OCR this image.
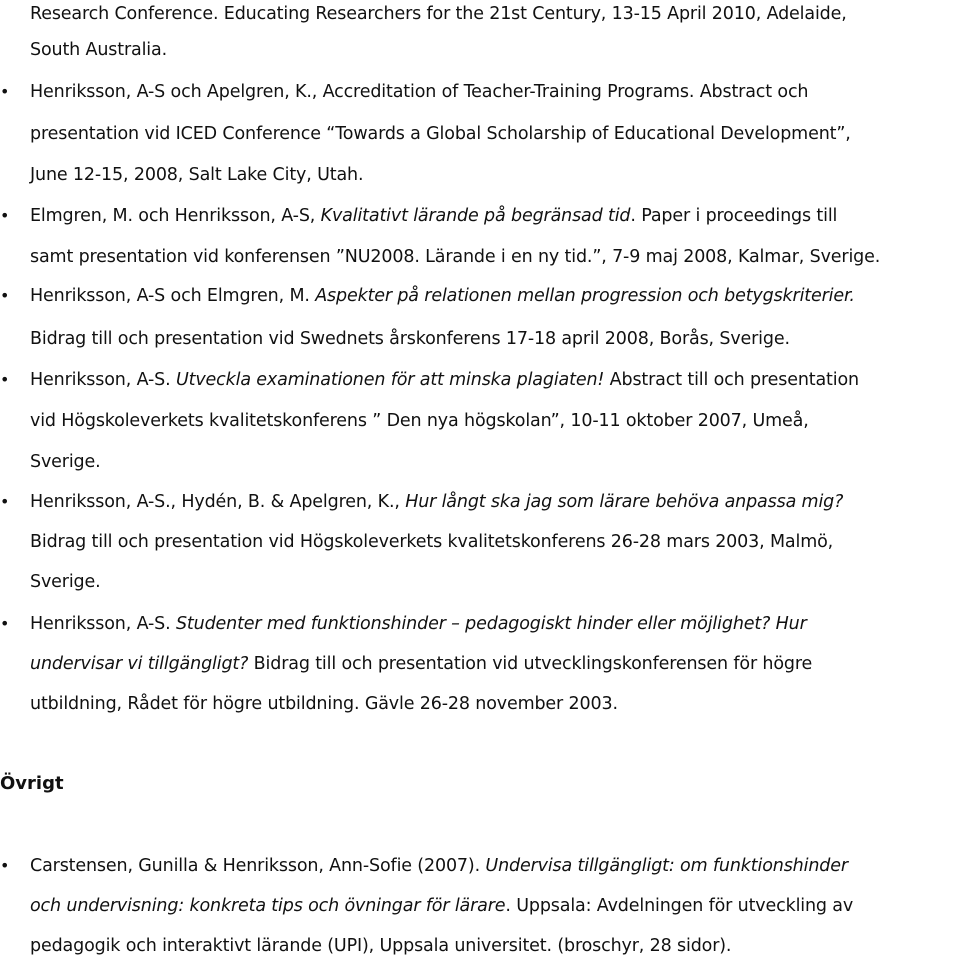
Research Conference. Educating Researchers for the 21st Century, 13-15 April 2010, Adelaide,
South Australia.
•
Henriksson, A-S och Apelgren, K., Accreditation of Teacher-Training Programs. Abstract och
presentation vid ICED Conference “Towards a Global Scholarship of Educational Development”,
June 12-15, 2008, Salt Lake City, Utah.
•
Elmgren, M. och Henriksson, A-S, Kvalitativt lärande på begränsad tid. Paper i proceedings till
samt presentation vid konferensen ”NU2008. Lärande i en ny tid.”, 7-9 maj 2008, Kalmar, Sverige.
•
Henriksson, A-S och Elmgren, M. Aspekter på relationen mellan progression och betygskriterier.
Bidrag till och presentation vid Swednets årskonferens 17-18 april 2008, Borås, Sverige.
•
Henriksson, A-S. Utveckla examinationen för att minska plagiaten! Abstract till och presentation
vid Högskoleverkets kvalitetskonferens ” Den nya högskolan”, 10-11 oktober 2007, Umeå,
Sverige.
•
Henriksson, A-S., Hydén, B. & Apelgren, K., Hur långt ska jag som lärare behöva anpassa mig?
Bidrag till och presentation vid Högskoleverkets kvalitetskonferens 26-28 mars 2003, Malmö,
Sverige.
•
Henriksson, A-S. Studenter med funktionshinder – pedagogiskt hinder eller möjlighet? Hur
undervisar vi tillgängligt? Bidrag till och presentation vid utvecklingskonferensen för högre
utbildning, Rådet för högre utbildning. Gävle 26-28 november 2003.
Övrigt
•
Carstensen, Gunilla & Henriksson, Ann-Sofie (2007). Undervisa tillgängligt: om funktionshinder
och undervisning: konkreta tips och övningar för lärare. Uppsala: Avdelningen för utveckling av
pedagogik och interaktivt lärande (UPI), Uppsala universitet. (broschyr, 28 sidor).
